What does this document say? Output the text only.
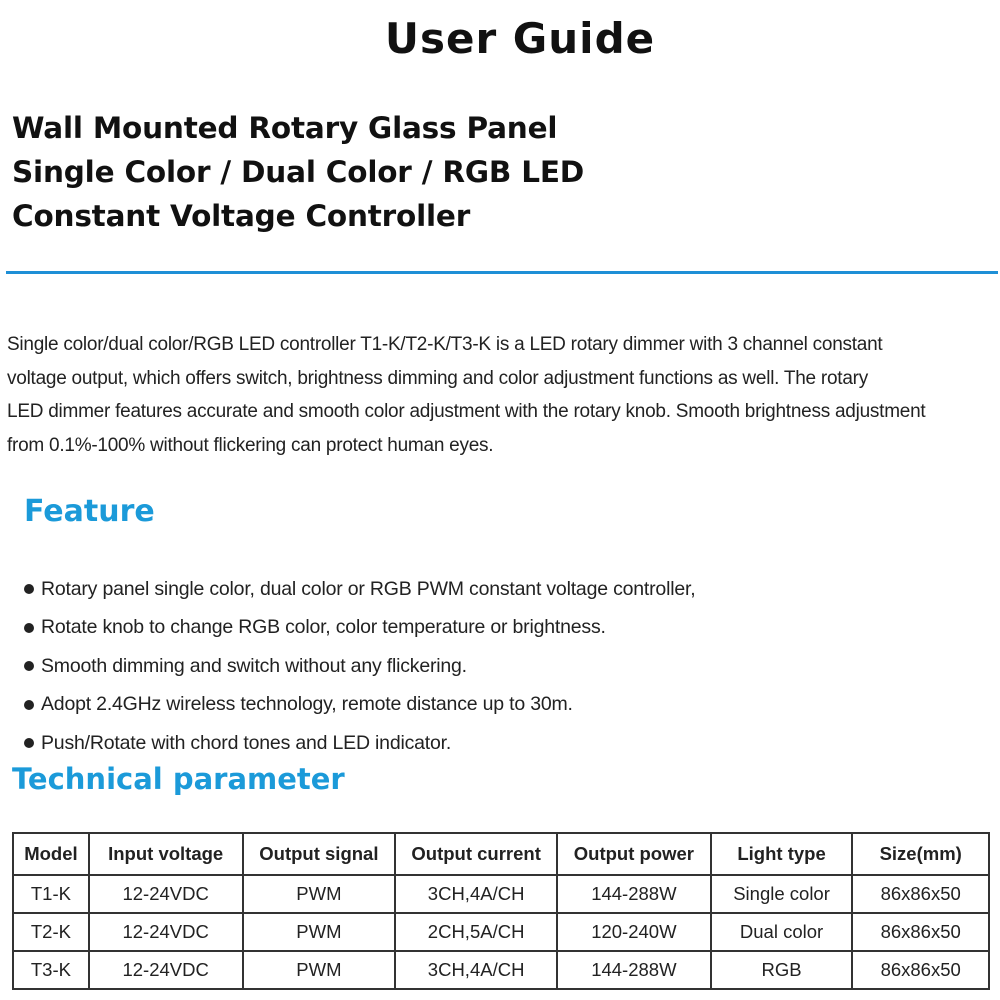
User Guide
Wall Mounted Rotary Glass Panel
Single Color / Dual Color / RGB LED
Constant Voltage Controller

Single color/dual color/RGB LED controller T1-K/T2-K/T3-K is a LED rotary dimmer with 3 channel constant
voltage output, which offers switch, brightness dimming and color adjustment functions as well. The rotary
LED dimmer features accurate and smooth color adjustment with the rotary knob. Smooth brightness adjustment
from 0.1%-100% without flickering can protect human eyes.

Feature
Rotary panel single color, dual color or RGB PWM constant voltage controller,
Rotate knob to change RGB color, color temperature or brightness.
Smooth dimming and switch without any flickering.
Adopt 2.4GHz wireless technology, remote distance up to 30m.
Push/Rotate with chord tones and LED indicator.
Technical parameter
Model	Input voltage	Output signal	Output current	Output power	Light type	Size(mm)
T1-K	12-24VDC	PWM	3CH,4A/CH	144-288W	Single color	86x86x50
T2-K	12-24VDC	PWM	2CH,5A/CH	120-240W	Dual color	86x86x50
T3-K	12-24VDC	PWM	3CH,4A/CH	144-288W	RGB	86x86x50
